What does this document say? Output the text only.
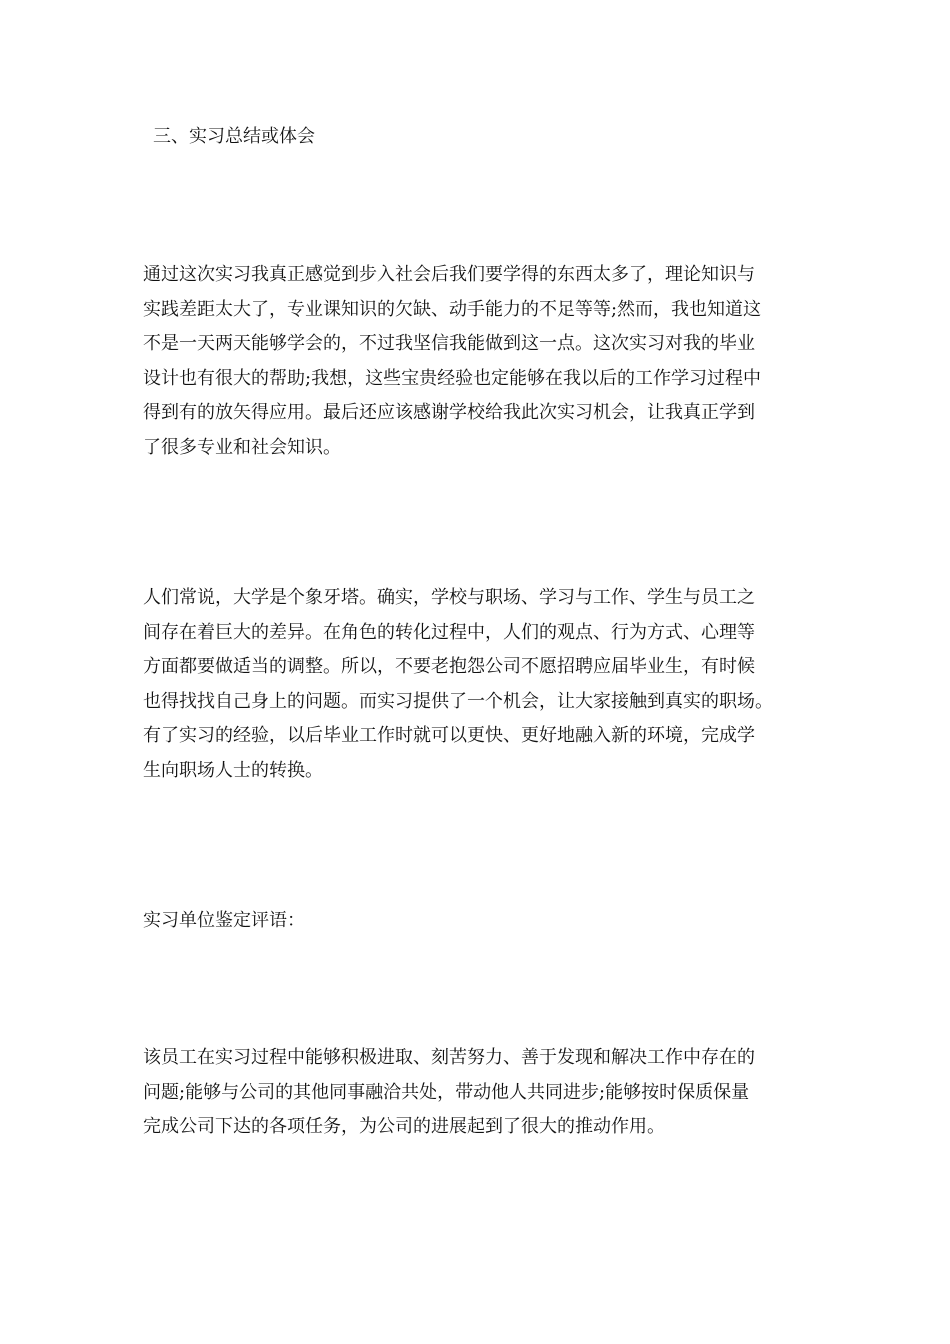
三、实习总结或体会

通过这次实习我真正感觉到步入社会后我们要学得的东西太多了，理论知识与
实践差距太大了，专业课知识的欠缺、动手能力的不足等等;然而，我也知道这
不是一天两天能够学会的，不过我坚信我能做到这一点。这次实习对我的毕业
设计也有很大的帮助;我想，这些宝贵经验也定能够在我以后的工作学习过程中
得到有的放矢得应用。最后还应该感谢学校给我此次实习机会，让我真正学到
了很多专业和社会知识。
人们常说，大学是个象牙塔。确实，学校与职场、学习与工作、学生与员工之
间存在着巨大的差异。在角色的转化过程中，人们的观点、行为方式、心理等
方面都要做适当的调整。所以，不要老抱怨公司不愿招聘应届毕业生，有时候
也得找找自己身上的问题。而实习提供了一个机会，让大家接触到真实的职场。
有了实习的经验，以后毕业工作时就可以更快、更好地融入新的环境，完成学
生向职场人士的转换。

实习单位鉴定评语：

该员工在实习过程中能够积极进取、刻苦努力、善于发现和解决工作中存在的
问题;能够与公司的其他同事融洽共处，带动他人共同进步;能够按时保质保量
完成公司下达的各项任务，为公司的进展起到了很大的推动作用。
